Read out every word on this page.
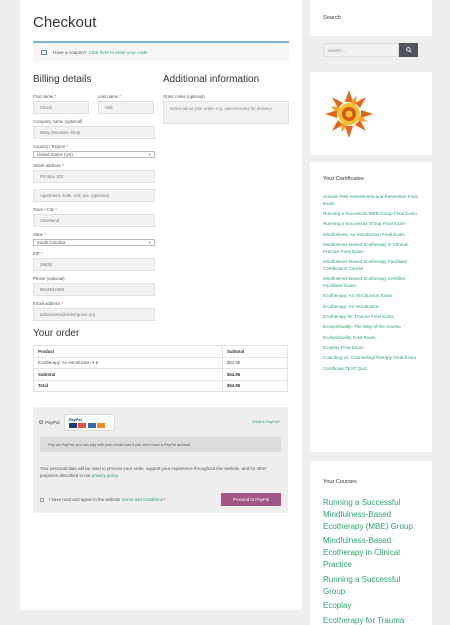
Checkout
Have a coupon? Click here to enter your code
Billing details
First name *
Chuck
Last name *
Hall
Company name (optional)
Misty Mountain Shop
Country / Region *
United States (US)	▾
Street address *
PO Box 102
Apartment, suite, unit, etc. (optional)
Town / City *
Cleveland
State *
South Carolina	▾
ZIP *
29635
Phone (optional)
8643842388
Email address *
admissions@elderrgrove.org
Additional information
Order notes (optional)
Notes about your order, e.g. special notes for delivery.
Your order
Product	Subtotal
Ecotherapy: An Introduction × 1	$54.95
Subtotal	$54.95
Total	$54.95
PayPal
PayPal
What is PayPal?
Pay via PayPal; you can pay with your credit card if you don't have a PayPal account.
Your personal data will be used to process your order, support your experience throughout this website, and for other purposes described in our privacy policy.
I have read and agree to the website terms and conditions *	Proceed to PayPal
Search
Search ...
Your Certificates
Suicide Risk Assessment and Prevention Final Exam
Running a Successful MBE Group Final Exam
Running a Successful Group Final Exam
Mindfulness: An Introduction Final Exam
Mindfulness-Based Ecotherapy in Clinical Practice Final Exam
Mindfulness-Based Ecotherapy Facilitator Certification Course
Mindfulness-Based Ecotherapy Certified Facilitator Exam
Ecotherapy: An Introduction Exam
Ecotherapy: An Introduction
Ecotherapy for Trauma Final Exam
Ecospirituality: The Way of the Course
Ecospirituality Final Exam
Ecoplay Final Exam
Coaching vs. Counseling/Therapy Final Exam
Certificate TEST Quiz
Your Courses
Running a Successful Mindfulness-Based Ecotherapy (MBE) Group
Mindfulness-Based Ecotherapy in Clinical Practice
Running a Successful Group
Ecoplay
Ecotherapy for Trauma
